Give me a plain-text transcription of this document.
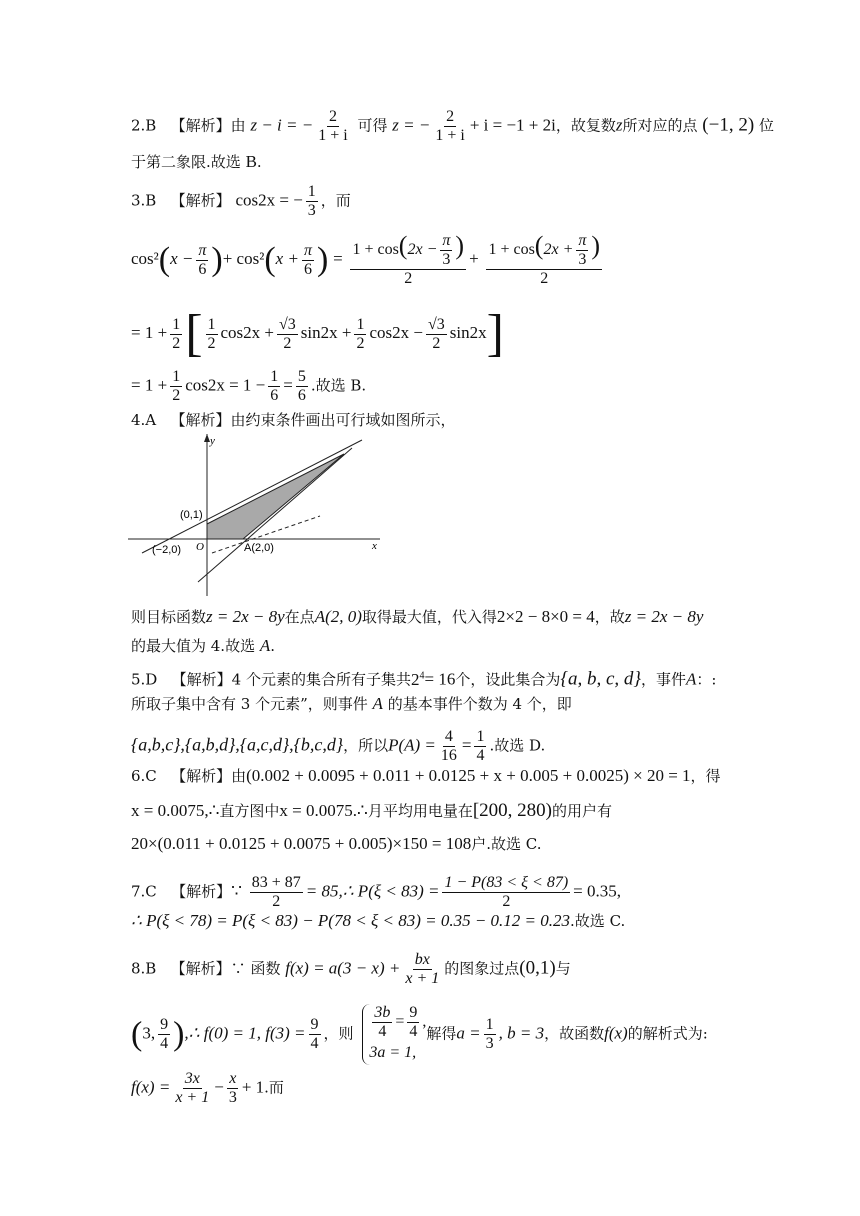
2.B 【解析】由 z − i = − $\frac{2}{1 + i}$ 可得 z = − $\frac{2}{1 + i} + i = -1 + 2i$，故复数z所对应的点 (−1, 2) 位
于第二象限.故选 B.
3.B 【解析】 cos2x = − $\frac{1}{3}$ ，而
$\cos^2(x - \frac{\pi}{6}$ )+ $\cos^2(x + \frac{\pi}{6}$ ) = $\frac{1 + \cos(2x - \frac{\pi}{3} )}{2} + \frac{1 + \cos(2x + \frac{\pi}{3} )}{2}$
= $1 + \frac{1}{2}$ [ $\frac{1}{2} \cos 2x + \frac{√3}{2} \sin 2x + \frac{1}{2} \cos 2x - \frac{√3}{2} \sin 2x$]
= $1 + \frac{1}{2} \cos 2x = 1 - \frac{1}{6} = \frac{5}{6}$ .故选 B.
4.A 【解析】由约束条件画出可行域如图所示，
y
x
O
(0,1)
(−2,0)	A(2,0)
则目标函数z = 2x − 8y在点A(2, 0)取得最大值，代入得2×2 − 8×0 = 4，故z = 2x − 8y
的最大值为 4.故选 A.
5.D 【解析】4 个元素的集合所有子集共$2^4= 16$个，设此集合为{a, b, c, d}，事件A：:
所取子集中含有 3 个元素”，则事件 A 的基本事件个数为 4 个，即
{a,b,c},{a,b,d},{a,c,d},{b,c,d}，所以$P(A) = \frac{4}{16} = \frac{1}{4}$ .故选 D.
6.C 【解析】由(0.002 + 0.0095 + 0.011 + 0.0125 + x + 0.005 + 0.0025) × 20 = 1，得
x = 0.0075,∴直方图中x = 0.0075.∴月平均用电量在[200, 280)的用户有
20×(0.011 + 0.0125 + 0.0075 + 0.005)×150 = 108户.故选 C.
7.C 【解析】∵ $\frac{83 + 87}{2}$ = 85,∴ $P(\xi < 83) = \frac{1 - P(83 < \xi < 87)}{2} = 0.35$,
∴ P(ξ < 78) = P(ξ < 83) − P(78 < ξ < 83) = 0.35 − 0.12 = 0.23.故选 C.
8.B 【解析】∵ 函数 $f(x) = a(3 - x) + \frac{bx}{x + 1}$ 的图象过点(0,1)与
(3, $\frac{9}{4}$ ),∴ f(0) = 1, $f(3) = \frac{9}{4}$ ，则 $\frac{3b}{4} = \frac{9}{4}$ ,
3a = 1,
解得$a = \frac{1}{3}$ , b = 3，故函数f(x)的解析式为:
$f(x) = \frac{3x}{x + 1} - \frac{x}{3} + 1$.而
